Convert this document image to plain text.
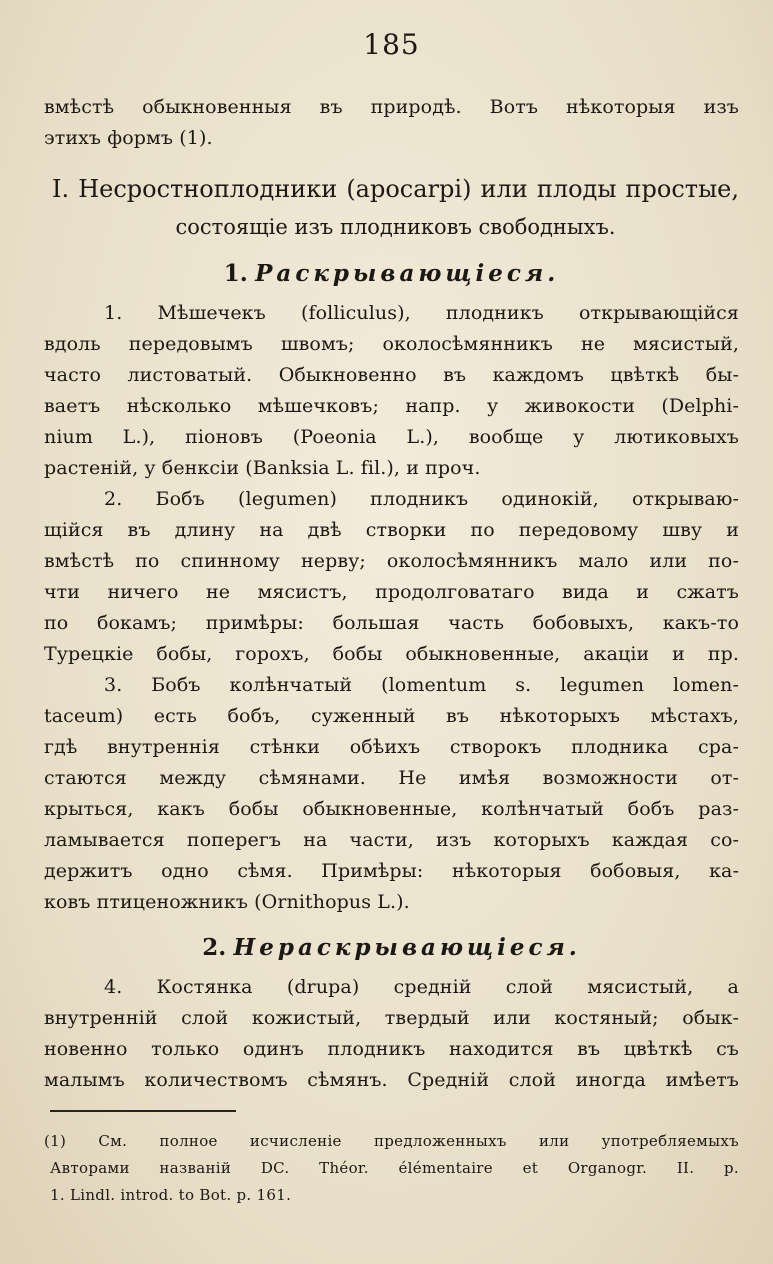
185
вмѣстѣ обыкновенныя въ природѣ. Вотъ нѣкоторыя изъ
этихъ формъ (1).
I. Несростноплодники (apocarpi) или плоды простые,
состоящіе изъ плодниковъ свободныхъ.
1. Раскрывающіеся.
1. Мѣшечекъ (folliculus), плодникъ открывающійся
вдоль передовымъ швомъ; околосѣмянникъ не мясистый,
часто листоватый. Обыкновенно въ каждомъ цвѣткѣ бы-
ваетъ нѣсколько мѣшечковъ; напр. у живокости (Delphi-
nium L.), піоновъ (Poeonia L.), вообще у лютиковыхъ
растеній, у бенксіи (Banksia L. fil.), и проч.
2. Бобъ (legumen) плодникъ одинокій, открываю-
щійся въ длину на двѣ створки по передовому шву и
вмѣстѣ по спинному нерву; околосѣмянникъ мало или по-
чти ничего не мясистъ, продолговатаго вида и сжатъ
по бокамъ; примѣры: большая часть бобовыхъ, какъ-то
Турецкіе бобы, горохъ, бобы обыкновенные, акаціи и пр.
3. Бобъ колѣнчатый (lomentum s. legumen lomen-
taceum) есть бобъ, суженный въ нѣкоторыхъ мѣстахъ,
гдѣ внутреннія стѣнки обѣихъ створокъ плодника сра-
стаются между сѣмянами. Не имѣя возможности от-
крыться, какъ бобы обыкновенные, колѣнчатый бобъ раз-
ламывается поперегъ на части, изъ которыхъ каждая со-
держитъ одно сѣмя. Примѣры: нѣкоторыя бобовыя, ка-
ковъ птиценожникъ (Ornithopus L.).
2. Нераскрывающіеся.
4. Костянка (drupa) средній слой мясистый, а
внутренній слой кожистый, твердый или костяный; обык-
новенно только одинъ плодникъ находится въ цвѣткѣ съ
малымъ количествомъ сѣмянъ. Средній слой иногда имѣетъ
(1) См. полное исчисленіе предложенныхъ или употребляемыхъ
Авторами названій DC. Théor. élémentaire et Organogr. II. p.
1. Lindl. introd. to Bot. p. 161.
